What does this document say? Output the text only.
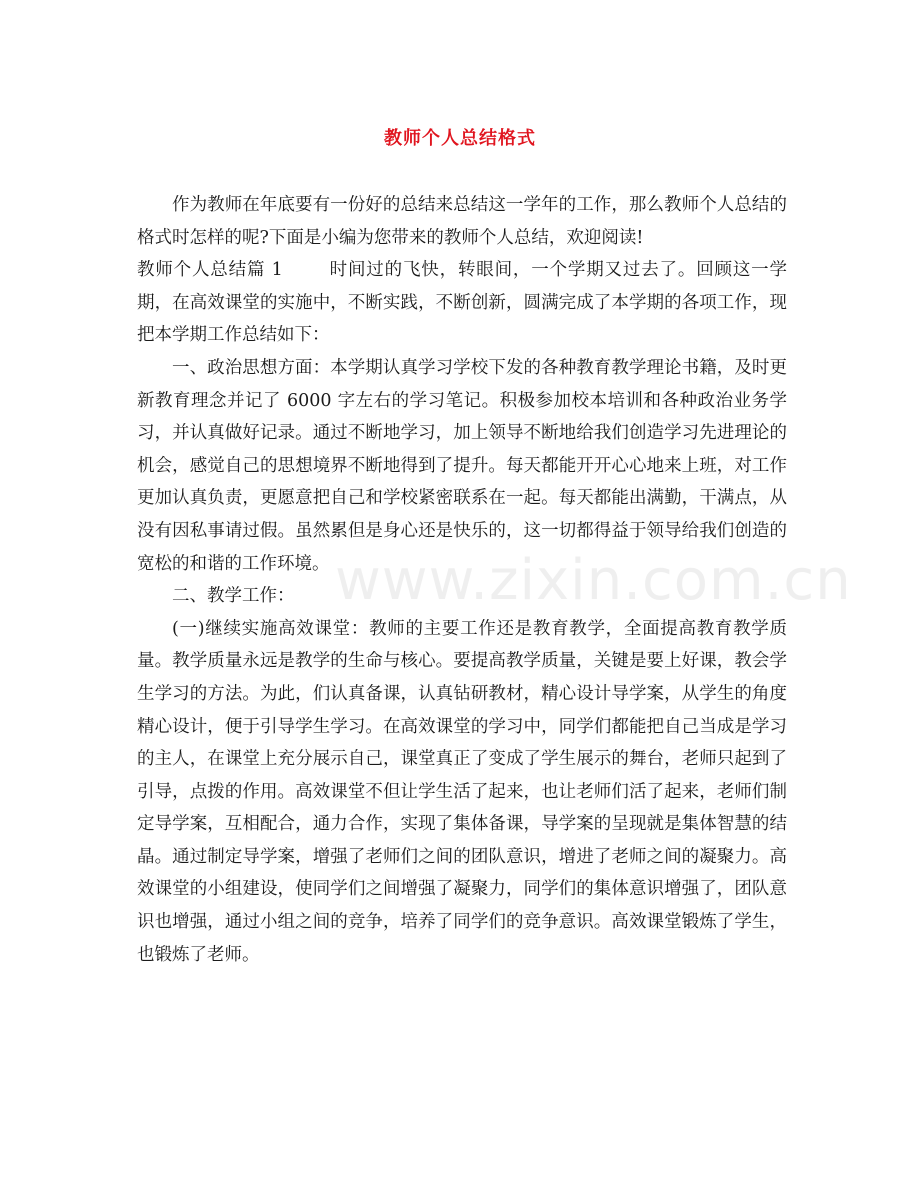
教师个人总结格式

作为教师在年底要有一份好的总结来总结这一学年的工作，那么教师个人总结的格式时怎样的呢?下面是小编为您带来的教师个人总结，欢迎阅读!

教师个人总结篇 1	时间过的飞快，转眼间，一个学期又过去了。回顾这一学期，在高效课堂的实施中，不断实践，不断创新，圆满完成了本学期的各项工作，现把本学期工作总结如下：

一、政治思想方面：本学期认真学习学校下发的各种教育教学理论书籍，及时更新教育理念并记了 6000 字左右的学习笔记。积极参加校本培训和各种政治业务学习，并认真做好记录。通过不断地学习，加上领导不断地给我们创造学习先进理论的机会，感觉自己的思想境界不断地得到了提升。每天都能开开心心地来上班，对工作更加认真负责，更愿意把自己和学校紧密联系在一起。每天都能出满勤，干满点，从没有因私事请过假。虽然累但是身心还是快乐的，这一切都得益于领导给我们创造的宽松的和谐的工作环境。

二、教学工作：

(一)继续实施高效课堂：教师的主要工作还是教育教学，全面提高教育教学质量。教学质量永远是教学的生命与核心。要提高教学质量，关键是要上好课，教会学生学习的方法。为此，们认真备课，认真钻研教材，精心设计导学案，从学生的角度精心设计，便于引导学生学习。在高效课堂的学习中，同学们都能把自己当成是学习的主人，在课堂上充分展示自己，课堂真正了变成了学生展示的舞台，老师只起到了引导，点拨的作用。高效课堂不但让学生活了起来，也让老师们活了起来，老师们制定导学案，互相配合，通力合作，实现了集体备课，导学案的呈现就是集体智慧的结晶。通过制定导学案，增强了老师们之间的团队意识，增进了老师之间的凝聚力。高效课堂的小组建设，使同学们之间增强了凝聚力，同学们的集体意识增强了，团队意识也增强，通过小组之间的竞争，培养了同学们的竞争意识。高效课堂锻炼了学生，也锻炼了老师。

www.zixin.com.cn
